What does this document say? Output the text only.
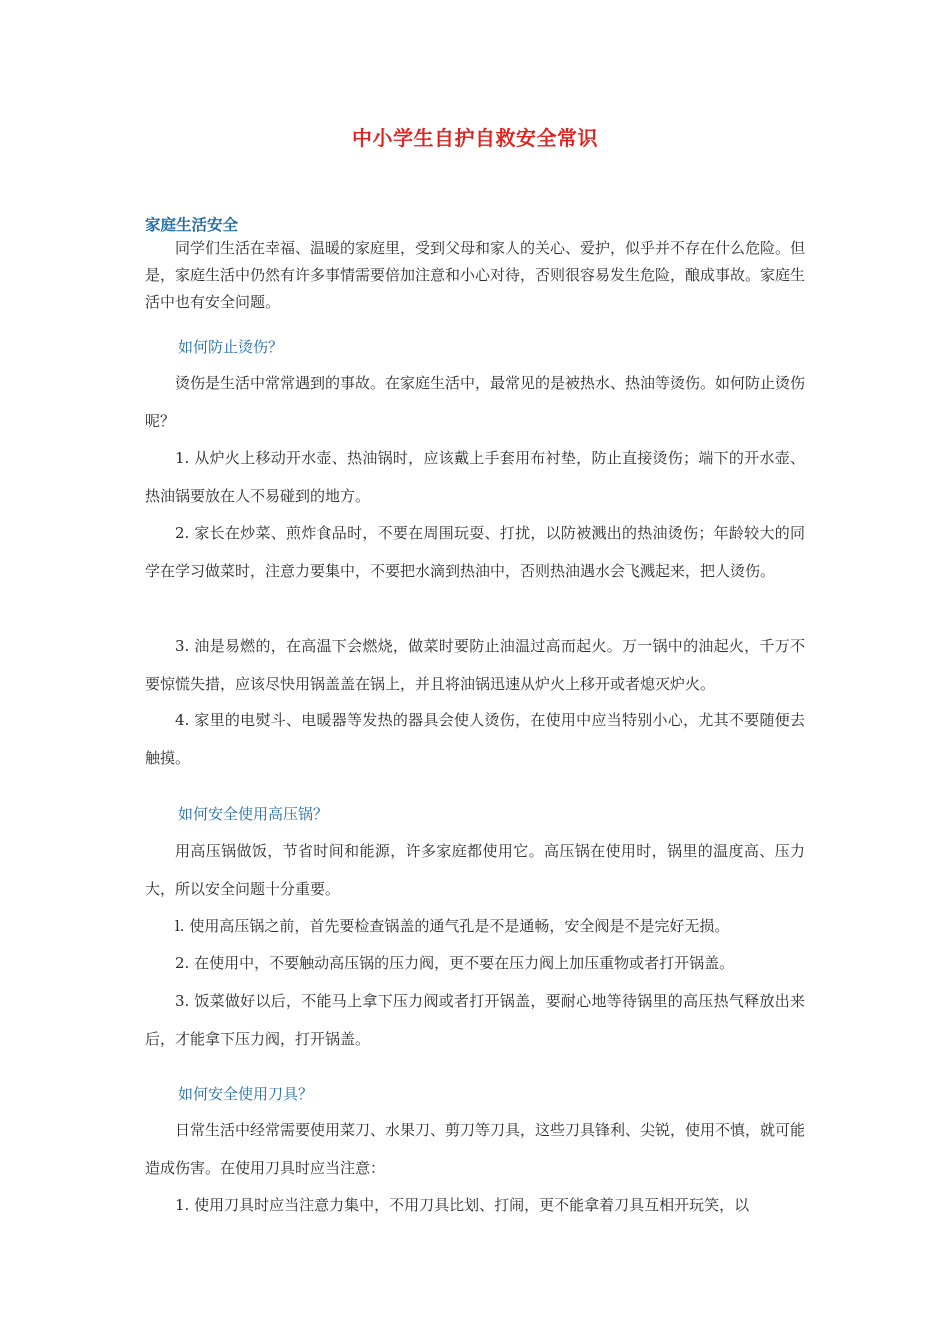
中小学生自护自救安全常识
家庭生活安全
同学们生活在幸福、温暖的家庭里，受到父母和家人的关心、爱护，似乎并不存在什么危险。但是，家庭生活中仍然有许多事情需要倍加注意和小心对待，否则很容易发生危险，酿成事故。家庭生活中也有安全问题。
如何防止烫伤？
烫伤是生活中常常遇到的事故。在家庭生活中，最常见的是被热水、热油等烫伤。如何防止烫伤呢？
1. 从炉火上移动开水壶、热油锅时，应该戴上手套用布衬垫，防止直接烫伤；端下的开水壶、热油锅要放在人不易碰到的地方。
2. 家长在炒菜、煎炸食品时，不要在周围玩耍、打扰，以防被溅出的热油烫伤；年龄较大的同学在学习做菜时，注意力要集中，不要把水滴到热油中，否则热油遇水会飞溅起来，把人烫伤。
3. 油是易燃的，在高温下会燃烧，做菜时要防止油温过高而起火。万一锅中的油起火，千万不要惊慌失措，应该尽快用锅盖盖在锅上，并且将油锅迅速从炉火上移开或者熄灭炉火。
4. 家里的电熨斗、电暖器等发热的器具会使人烫伤，在使用中应当特别小心，尤其不要随便去触摸。
如何安全使用高压锅？
用高压锅做饭，节省时间和能源，许多家庭都使用它。高压锅在使用时，锅里的温度高、压力大，所以安全问题十分重要。
l. 使用高压锅之前，首先要检查锅盖的通气孔是不是通畅，安全阀是不是完好无损。
2. 在使用中，不要触动高压锅的压力阀，更不要在压力阀上加压重物或者打开锅盖。
3. 饭菜做好以后，不能马上拿下压力阀或者打开锅盖，要耐心地等待锅里的高压热气释放出来后，才能拿下压力阀，打开锅盖。
如何安全使用刀具？
日常生活中经常需要使用菜刀、水果刀、剪刀等刀具，这些刀具锋利、尖锐，使用不慎，就可能造成伤害。在使用刀具时应当注意：
1. 使用刀具时应当注意力集中，不用刀具比划、打闹，更不能拿着刀具互相开玩笑，以
